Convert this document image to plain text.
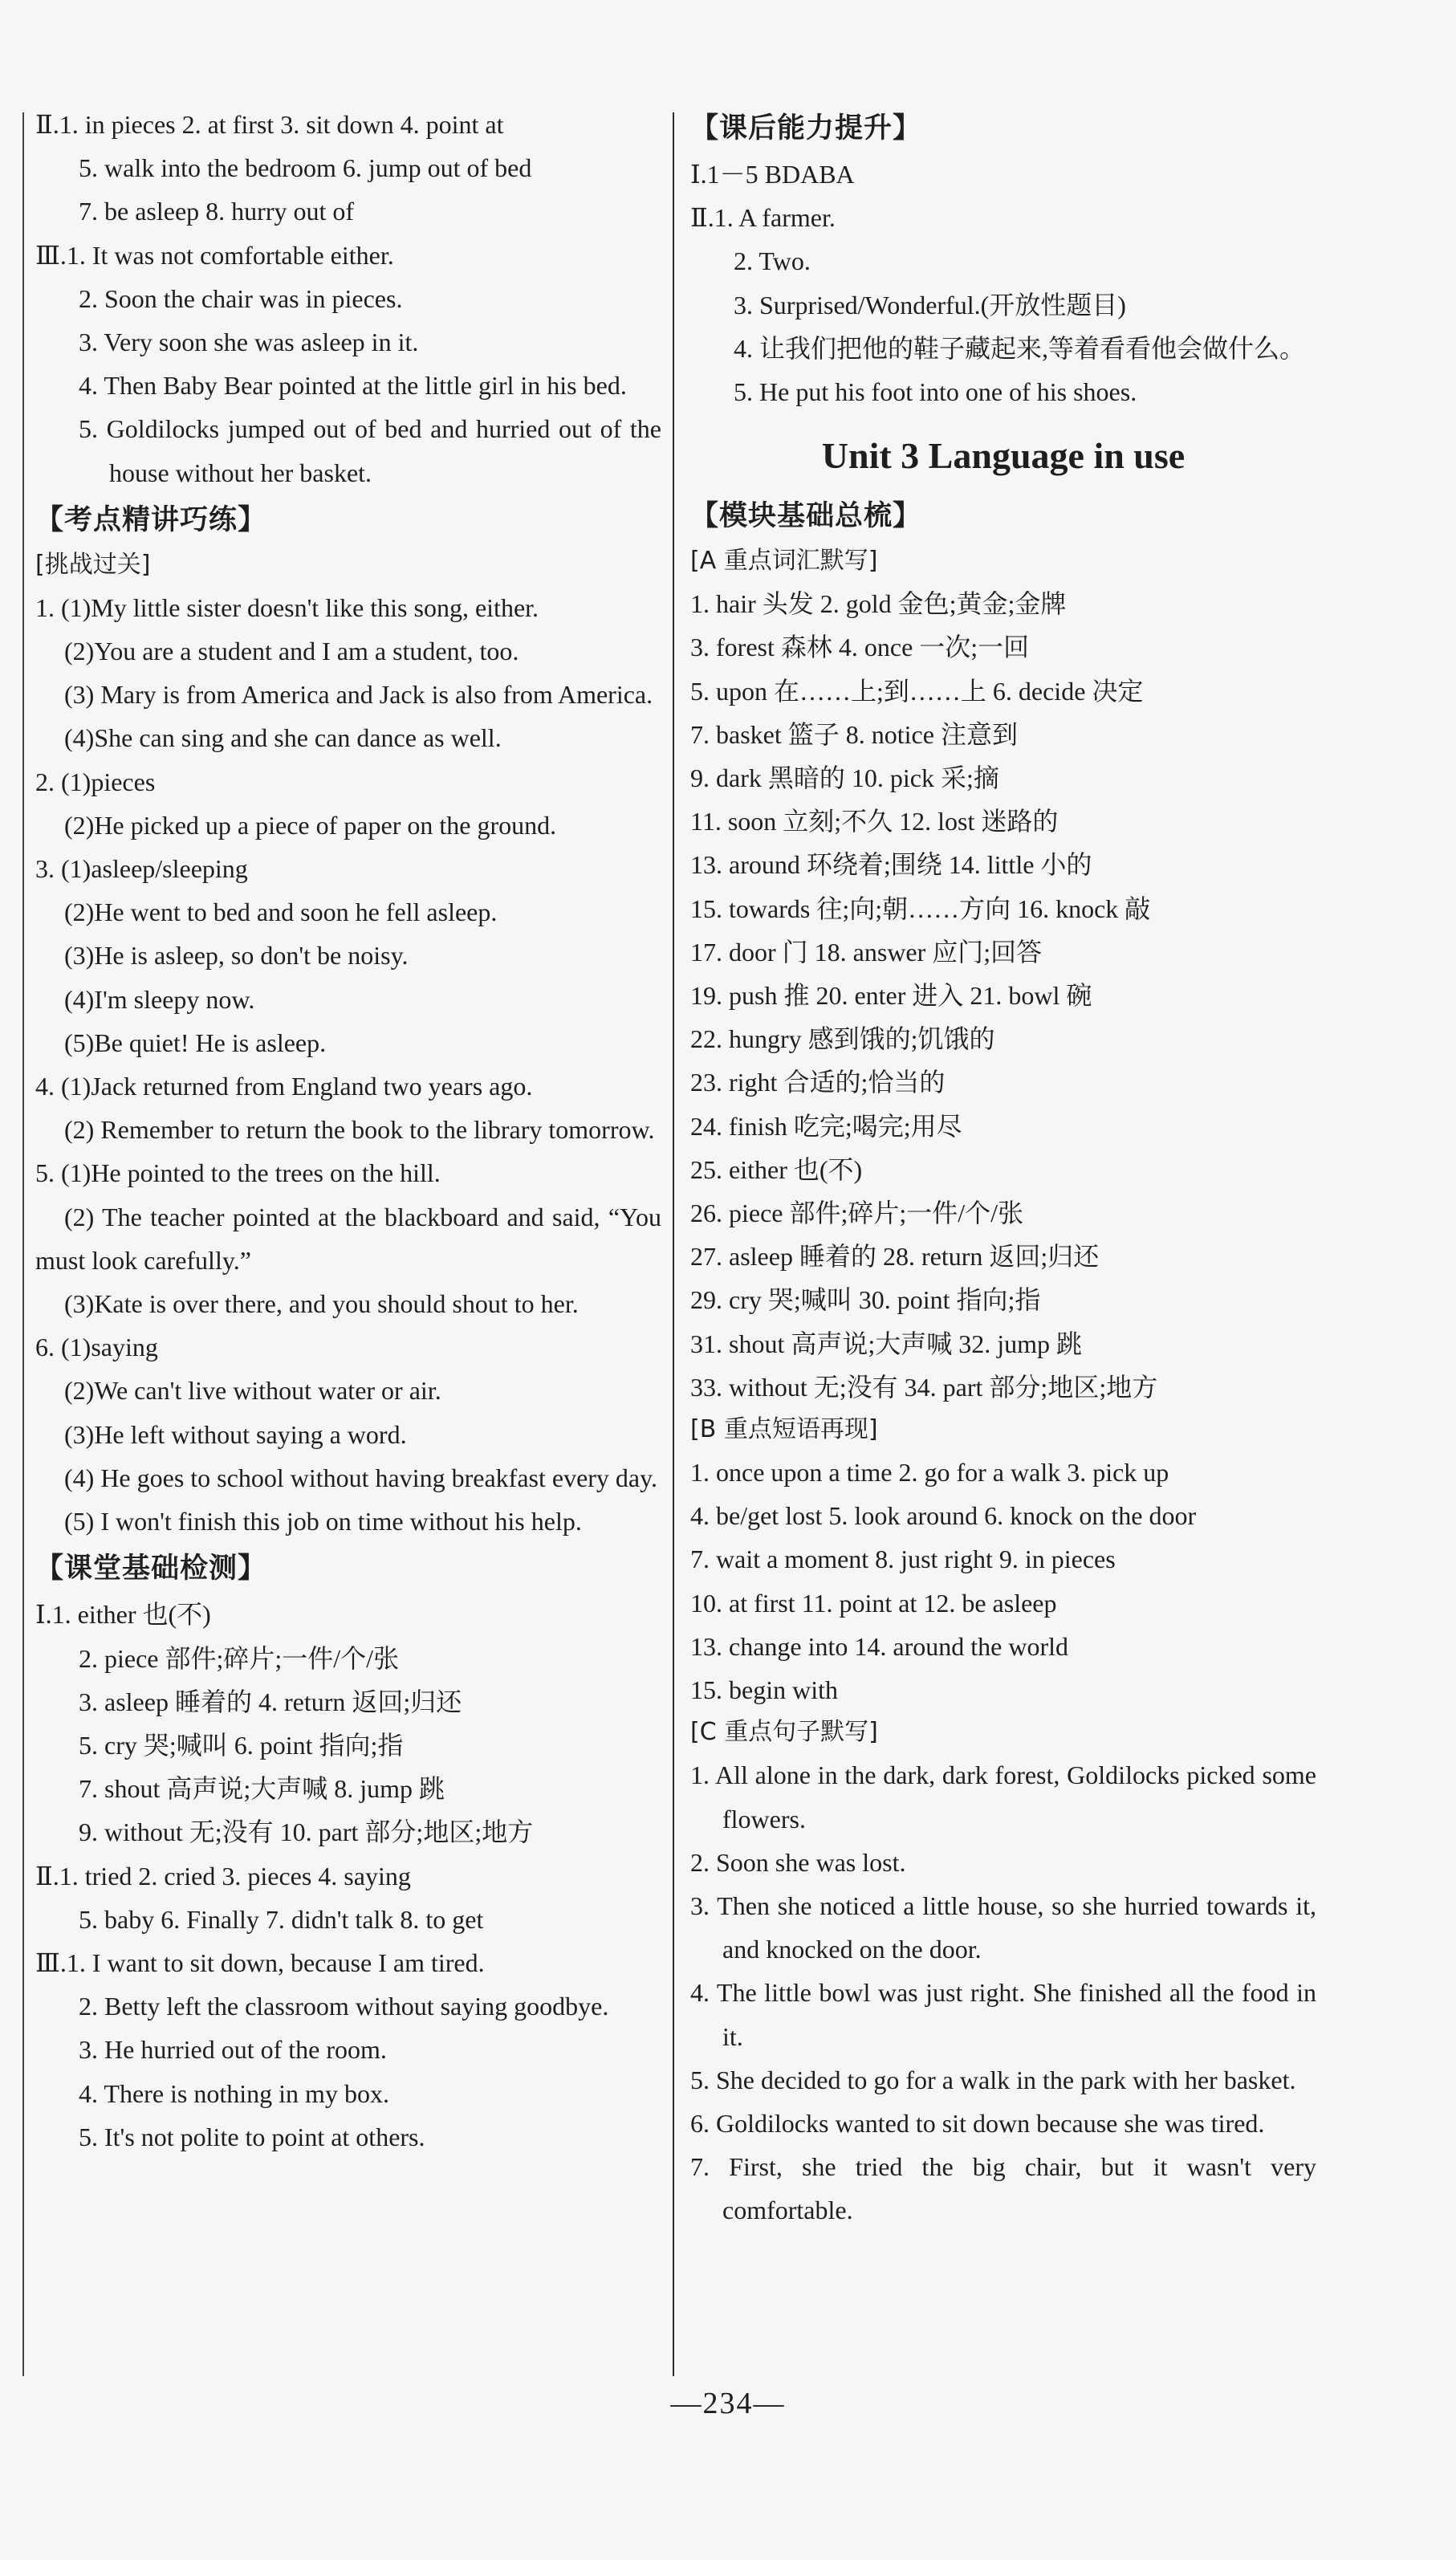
Ⅱ.1. in pieces 2. at first 3. sit down 4. point at
5. walk into the bedroom 6. jump out of bed
7. be asleep 8. hurry out of
Ⅲ.1. It was not comfortable either.
2. Soon the chair was in pieces.
3. Very soon she was asleep in it.
4. Then Baby Bear pointed at the little girl in his bed.
5. Goldilocks jumped out of bed and hurried out of the house without her basket.
【考点精讲巧练】
[挑战过关]
1. (1)My little sister doesn't like this song, either.
(2)You are a student and I am a student, too.
(3) Mary is from America and Jack is also from America.
(4)She can sing and she can dance as well.
2. (1)pieces
(2)He picked up a piece of paper on the ground.
3. (1)asleep/sleeping
(2)He went to bed and soon he fell asleep.
(3)He is asleep, so don't be noisy.
(4)I'm sleepy now.
(5)Be quiet! He is asleep.
4. (1)Jack returned from England two years ago.
(2) Remember to return the book to the library tomorrow.
5. (1)He pointed to the trees on the hill.
(2) The teacher pointed at the blackboard and said, “You must look carefully.”
(3)Kate is over there, and you should shout to her.
6. (1)saying
(2)We can't live without water or air.
(3)He left without saying a word.
(4) He goes to school without having breakfast every day.
(5) I won't finish this job on time without his help.
【课堂基础检测】
Ⅰ.1. either 也(不)
2. piece 部件;碎片;一件/个/张
3. asleep 睡着的 4. return 返回;归还
5. cry 哭;喊叫 6. point 指向;指
7. shout 高声说;大声喊 8. jump 跳
9. without 无;没有 10. part 部分;地区;地方
Ⅱ.1. tried 2. cried 3. pieces 4. saying
5. baby 6. Finally 7. didn't talk 8. to get
Ⅲ.1. I want to sit down, because I am tired.
2. Betty left the classroom without saying goodbye.
3. He hurried out of the room.
4. There is nothing in my box.
5. It's not polite to point at others.
【课后能力提升】
Ⅰ.1－5 BDABA
Ⅱ.1. A farmer.
2. Two.
3. Surprised/Wonderful.(开放性题目)
4. 让我们把他的鞋子藏起来,等着看看他会做什么。
5. He put his foot into one of his shoes.
Unit 3 Language in use
【模块基础总梳】
[A 重点词汇默写]
1. hair 头发 2. gold 金色;黄金;金牌
3. forest 森林 4. once 一次;一回
5. upon 在……上;到……上 6. decide 决定
7. basket 篮子 8. notice 注意到
9. dark 黑暗的 10. pick 采;摘
11. soon 立刻;不久 12. lost 迷路的
13. around 环绕着;围绕 14. little 小的
15. towards 往;向;朝……方向 16. knock 敲
17. door 门 18. answer 应门;回答
19. push 推 20. enter 进入 21. bowl 碗
22. hungry 感到饿的;饥饿的
23. right 合适的;恰当的
24. finish 吃完;喝完;用尽
25. either 也(不)
26. piece 部件;碎片;一件/个/张
27. asleep 睡着的 28. return 返回;归还
29. cry 哭;喊叫 30. point 指向;指
31. shout 高声说;大声喊 32. jump 跳
33. without 无;没有 34. part 部分;地区;地方
[B 重点短语再现]
1. once upon a time 2. go for a walk 3. pick up
4. be/get lost 5. look around 6. knock on the door
7. wait a moment 8. just right 9. in pieces
10. at first 11. point at 12. be asleep
13. change into 14. around the world
15. begin with
[C 重点句子默写]
1. All alone in the dark, dark forest, Goldilocks picked some flowers.
2. Soon she was lost.
3. Then she noticed a little house, so she hurried towards it, and knocked on the door.
4. The little bowl was just right. She finished all the food in it.
5. She decided to go for a walk in the park with her basket.
6. Goldilocks wanted to sit down because she was tired.
7. First, she tried the big chair, but it wasn't very comfortable.
—234—
